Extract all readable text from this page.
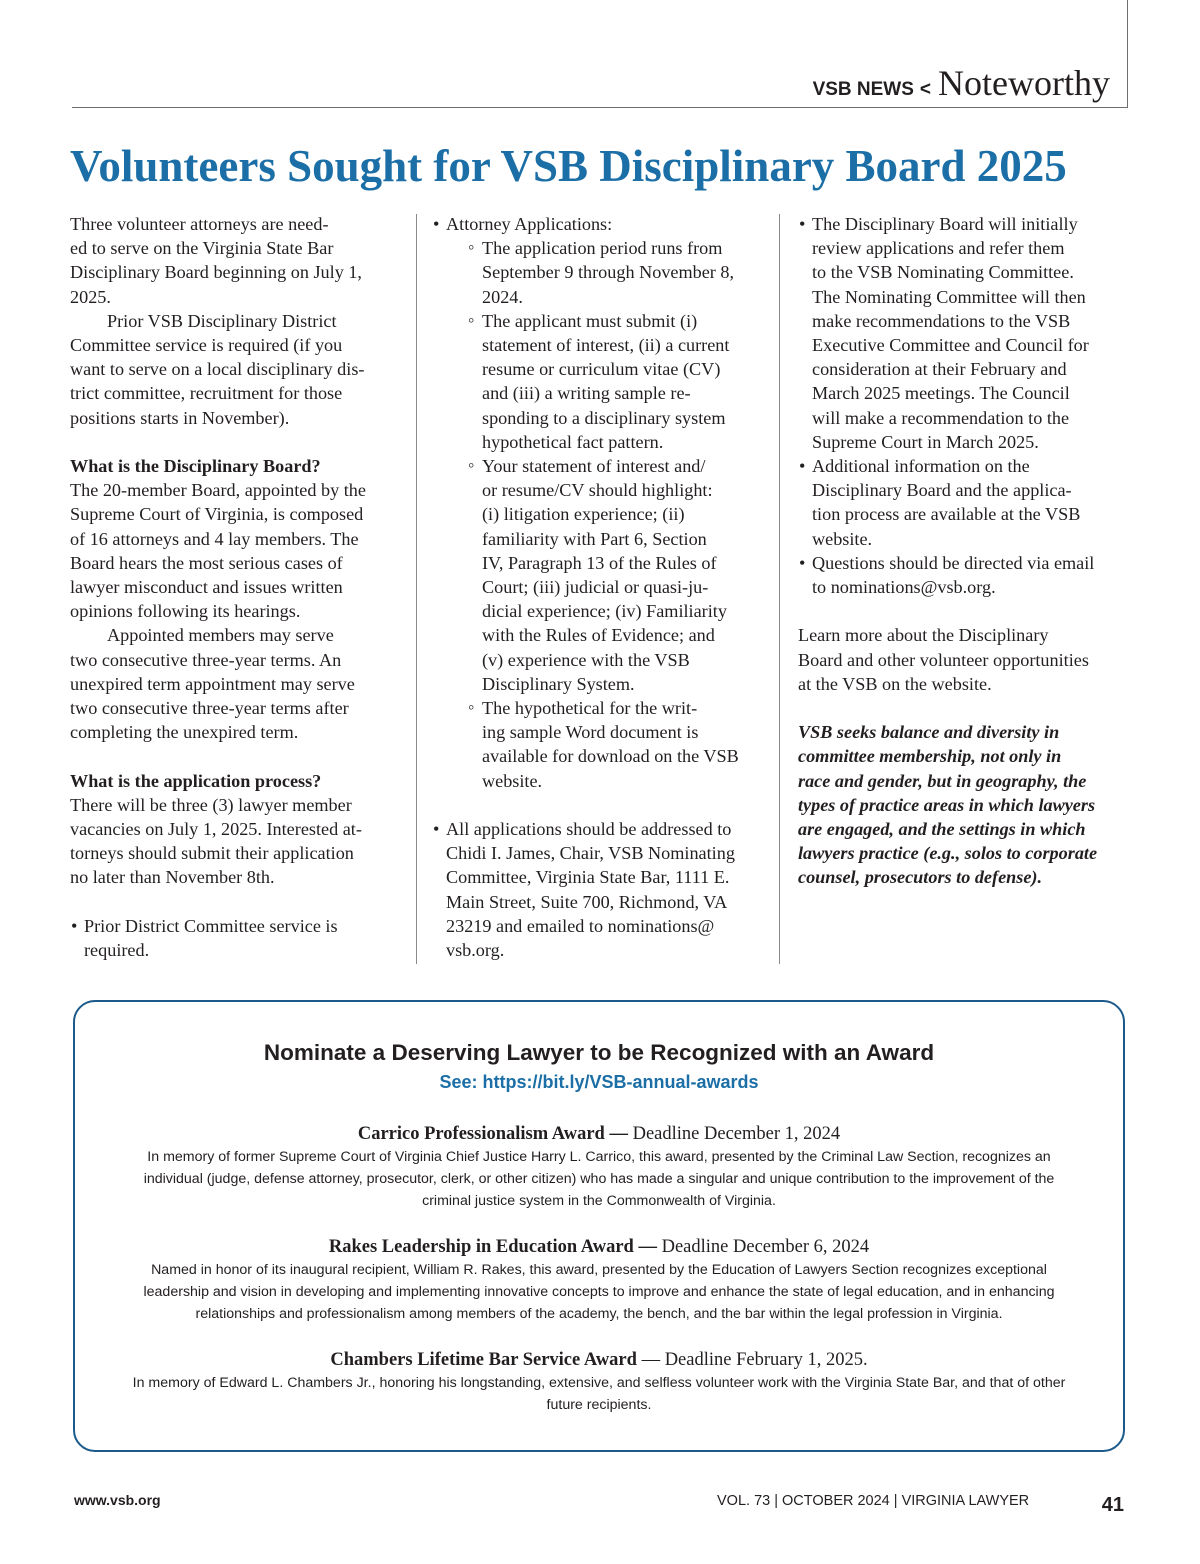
VSB NEWS < Noteworthy
Volunteers Sought for VSB Disciplinary Board 2025

Three volunteer attorneys are need-
ed to serve on the Virginia State Bar
Disciplinary Board beginning on July 1,
2025.

Prior VSB Disciplinary District
Committee service is required (if you
want to serve on a local disciplinary dis-
trict committee, recruitment for those
positions starts in November).

What is the Disciplinary Board?

The 20-member Board, appointed by the
Supreme Court of Virginia, is composed
of 16 attorneys and 4 lay members. The
Board hears the most serious cases of
lawyer misconduct and issues written
opinions following its hearings.

Appointed members may serve
two consecutive three-year terms. An
unexpired term appointment may serve
two consecutive three-year terms after
completing the unexpired term.

What is the application process?

There will be three (3) lawyer member
vacancies on July 1, 2025. Interested at-
torneys should submit their application
no later than November 8th.

• Prior District Committee service is
required.

• Attorney Applications:

◦ The application period runs from
September 9 through November 8,
2024.

◦ The applicant must submit (i)
statement of interest, (ii) a current
resume or curriculum vitae (CV)
and (iii) a writing sample re-
sponding to a disciplinary system
hypothetical fact pattern.

◦ Your statement of interest and/
or resume/CV should highlight:
(i) litigation experience; (ii)
familiarity with Part 6, Section
IV, Paragraph 13 of the Rules of
Court; (iii) judicial or quasi-ju-
dicial experience; (iv) Familiarity
with the Rules of Evidence; and
(v) experience with the VSB
Disciplinary System.

◦ The hypothetical for the writ-
ing sample Word document is
available for download on the VSB
website.

• All applications should be addressed to
Chidi I. James, Chair, VSB Nominating
Committee, Virginia State Bar, 1111 E.
Main Street, Suite 700, Richmond, VA
23219 and emailed to nominations@
vsb.org.

• The Disciplinary Board will initially
review applications and refer them
to the VSB Nominating Committee.
The Nominating Committee will then
make recommendations to the VSB
Executive Committee and Council for
consideration at their February and
March 2025 meetings. The Council
will make a recommendation to the
Supreme Court in March 2025.

• Additional information on the
Disciplinary Board and the applica-
tion process are available at the VSB
website.

• Questions should be directed via email
to nominations@vsb.org.

Learn more about the Disciplinary
Board and other volunteer opportunities
at the VSB on the website.

VSB seeks balance and diversity in
committee membership, not only in
race and gender, but in geography, the
types of practice areas in which lawyers
are engaged, and the settings in which
lawyers practice (e.g., solos to corporate
counsel, prosecutors to defense).

Nominate a Deserving Lawyer to be Recognized with an Award
See: https://bit.ly/VSB-annual-awards
Carrico Professionalism Award — Deadline December 1, 2024
In memory of former Supreme Court of Virginia Chief Justice Harry L. Carrico, this award, presented by the Criminal Law Section, recognizes an
individual (judge, defense attorney, prosecutor, clerk, or other citizen) who has made a singular and unique contribution to the improvement of the
criminal justice system in the Commonwealth of Virginia.
Rakes Leadership in Education Award — Deadline December 6, 2024
Named in honor of its inaugural recipient, William R. Rakes, this award, presented by the Education of Lawyers Section recognizes exceptional
leadership and vision in developing and implementing innovative concepts to improve and enhance the state of legal education, and in enhancing
relationships and professionalism among members of the academy, the bench, and the bar within the legal profession in Virginia.
Chambers Lifetime Bar Service Award — Deadline February 1, 2025.
In memory of Edward L. Chambers Jr., honoring his longstanding, extensive, and selfless volunteer work with the Virginia State Bar, and that of other
future recipients.
www.vsb.org	VOL. 73 | OCTOBER 2024 | VIRGINIA LAWYER	41
